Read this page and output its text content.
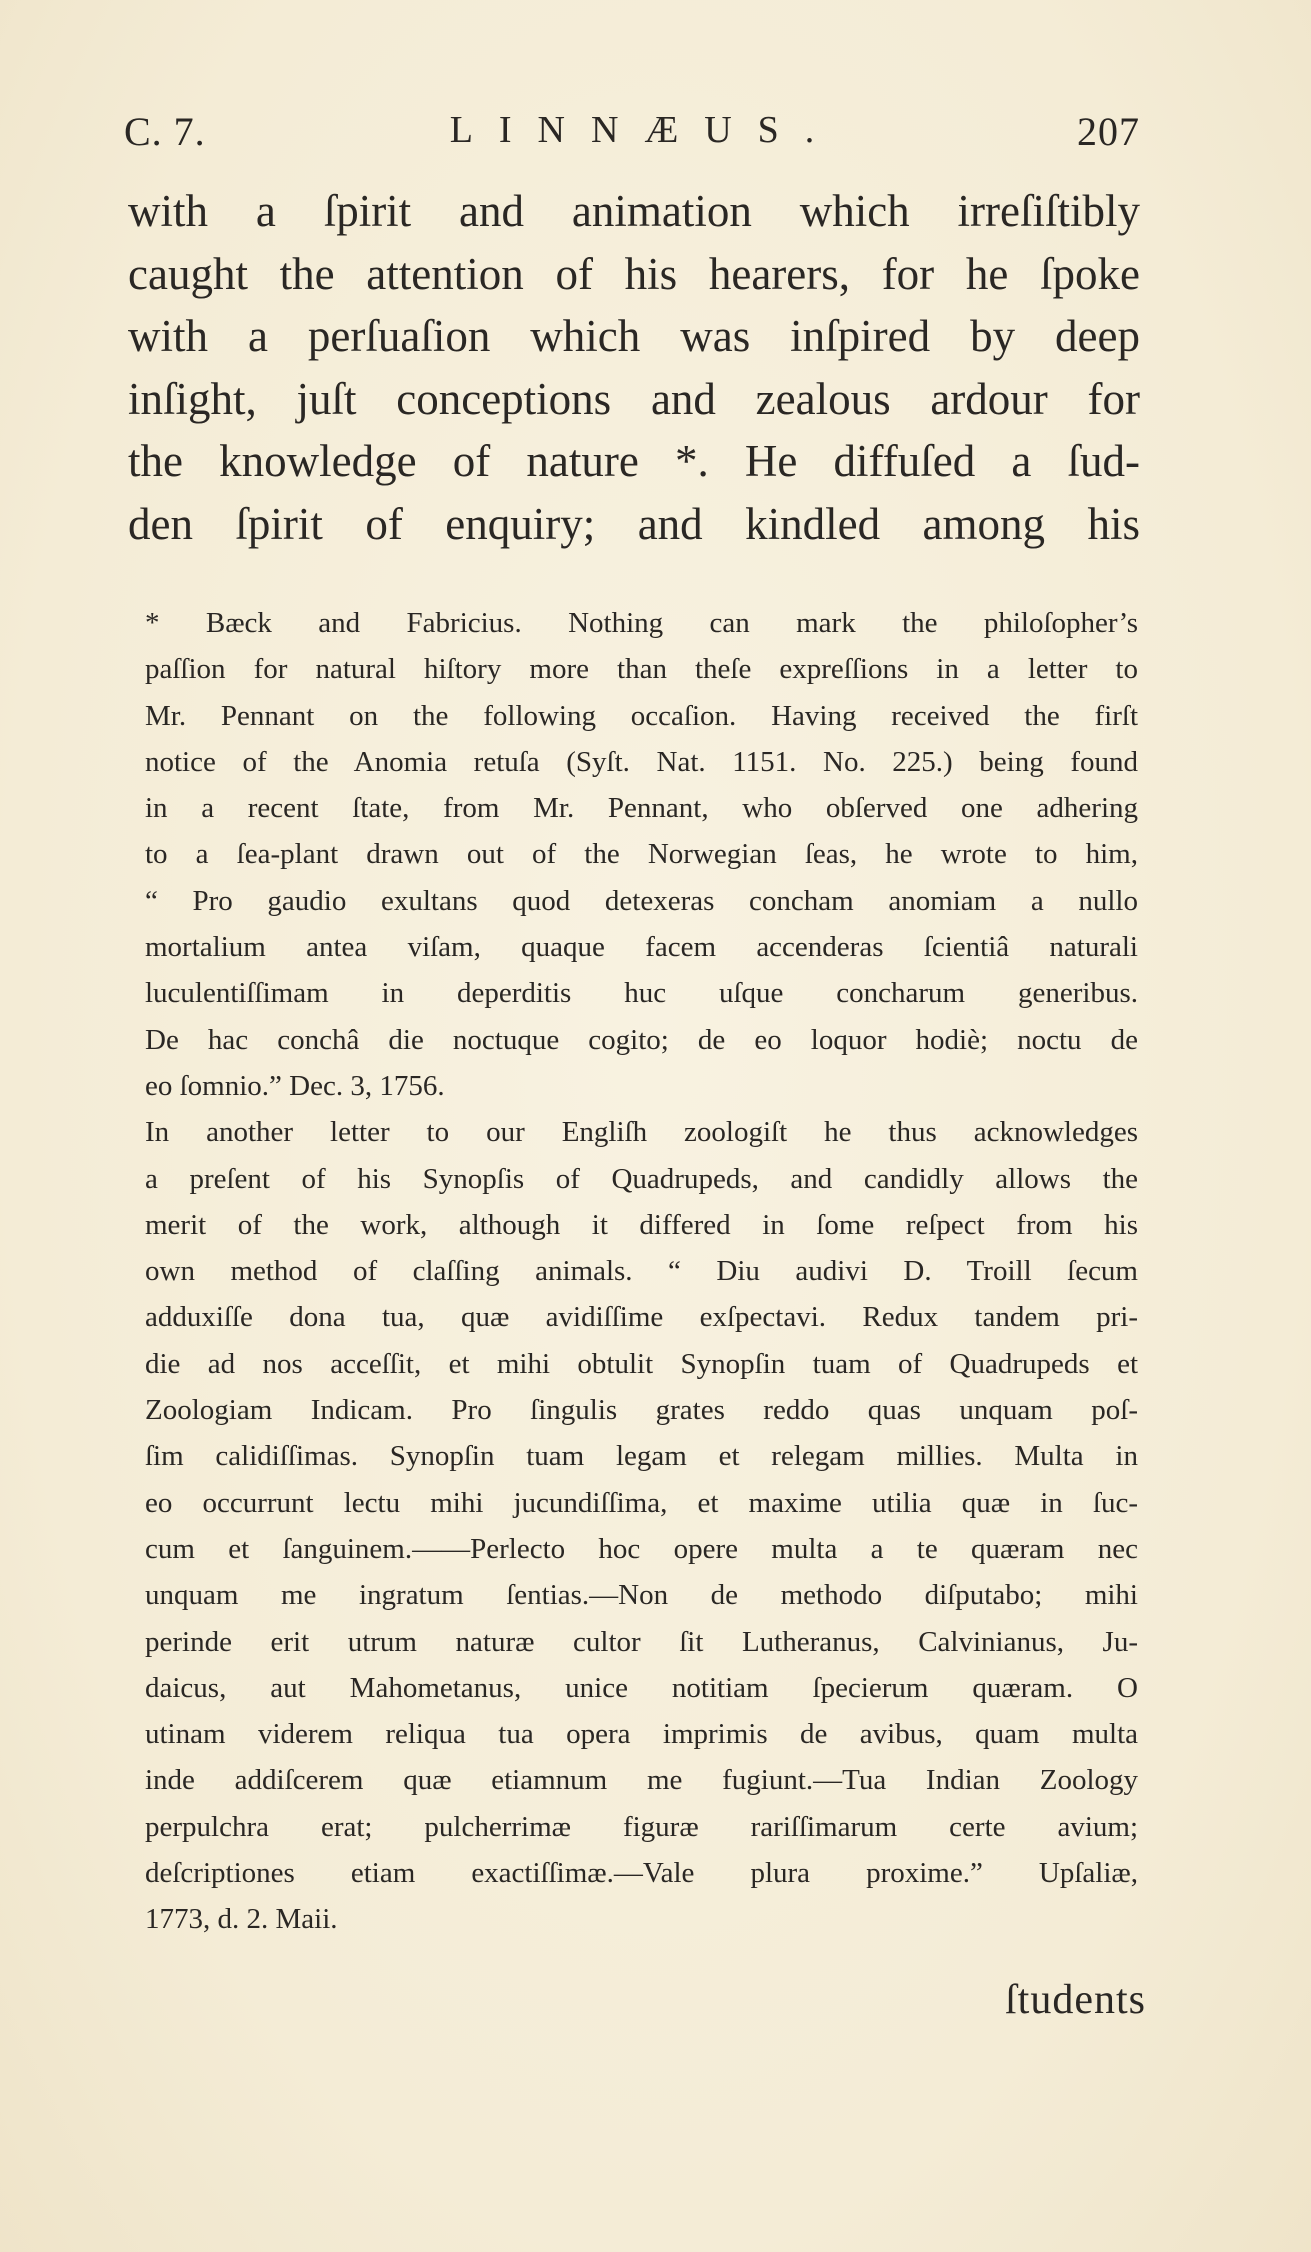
C. 7.	LINNÆUS.	207
with a ſpirit and animation which irreſiſtibly
caught the attention of his hearers, for he ſpoke
with a perſuaſion which was inſpired by deep
inſight, juſt conceptions and zealous ardour for
the knowledge of nature *. He diffuſed a ſud-
den ſpirit of enquiry; and kindled among his
* Bæck and Fabricius. Nothing can mark the philoſopher’s
paſſion for natural hiſtory more than theſe expreſſions in a letter to
Mr. Pennant on the following occaſion. Having received the firſt
notice of the Anomia retuſa (Syſt. Nat. 1151. No. 225.) being found
in a recent ſtate, from Mr. Pennant, who obſerved one adhering
to a ſea-plant drawn out of the Norwegian ſeas, he wrote to him,
“ Pro gaudio exultans quod detexeras concham anomiam a nullo
mortalium antea viſam, quaque facem accenderas ſcientiâ naturali
luculentiſſimam in deperditis huc uſque concharum generibus.
De hac conchâ die noctuque cogito; de eo loquor hodiè; noctu de
eo ſomnio.” Dec. 3, 1756.
In another letter to our Engliſh zoologiſt he thus acknowledges
a preſent of his Synopſis of Quadrupeds, and candidly allows the
merit of the work, although it differed in ſome reſpect from his
own method of claſſing animals. “ Diu audivi D. Troill ſecum
adduxiſſe dona tua, quæ avidiſſime exſpectavi. Redux tandem pri-
die ad nos acceſſit, et mihi obtulit Synopſin tuam of Quadrupeds et
Zoologiam Indicam. Pro ſingulis grates reddo quas unquam poſ-
ſim calidiſſimas. Synopſin tuam legam et relegam millies. Multa in
eo occurrunt lectu mihi jucundiſſima, et maxime utilia quæ in ſuc-
cum et ſanguinem.——Perlecto hoc opere multa a te quæram nec
unquam me ingratum ſentias.—Non de methodo diſputabo; mihi
perinde erit utrum naturæ cultor ſit Lutheranus, Calvinianus, Ju-
daicus, aut Mahometanus, unice notitiam ſpecierum quæram. O
utinam viderem reliqua tua opera imprimis de avibus, quam multa
inde addiſcerem quæ etiamnum me fugiunt.—Tua Indian Zoology
perpulchra erat; pulcherrimæ figuræ rariſſimarum certe avium;
deſcriptiones etiam exactiſſimæ.—Vale plura proxime.” Upſaliæ,
1773, d. 2. Maii.
ſtudents
